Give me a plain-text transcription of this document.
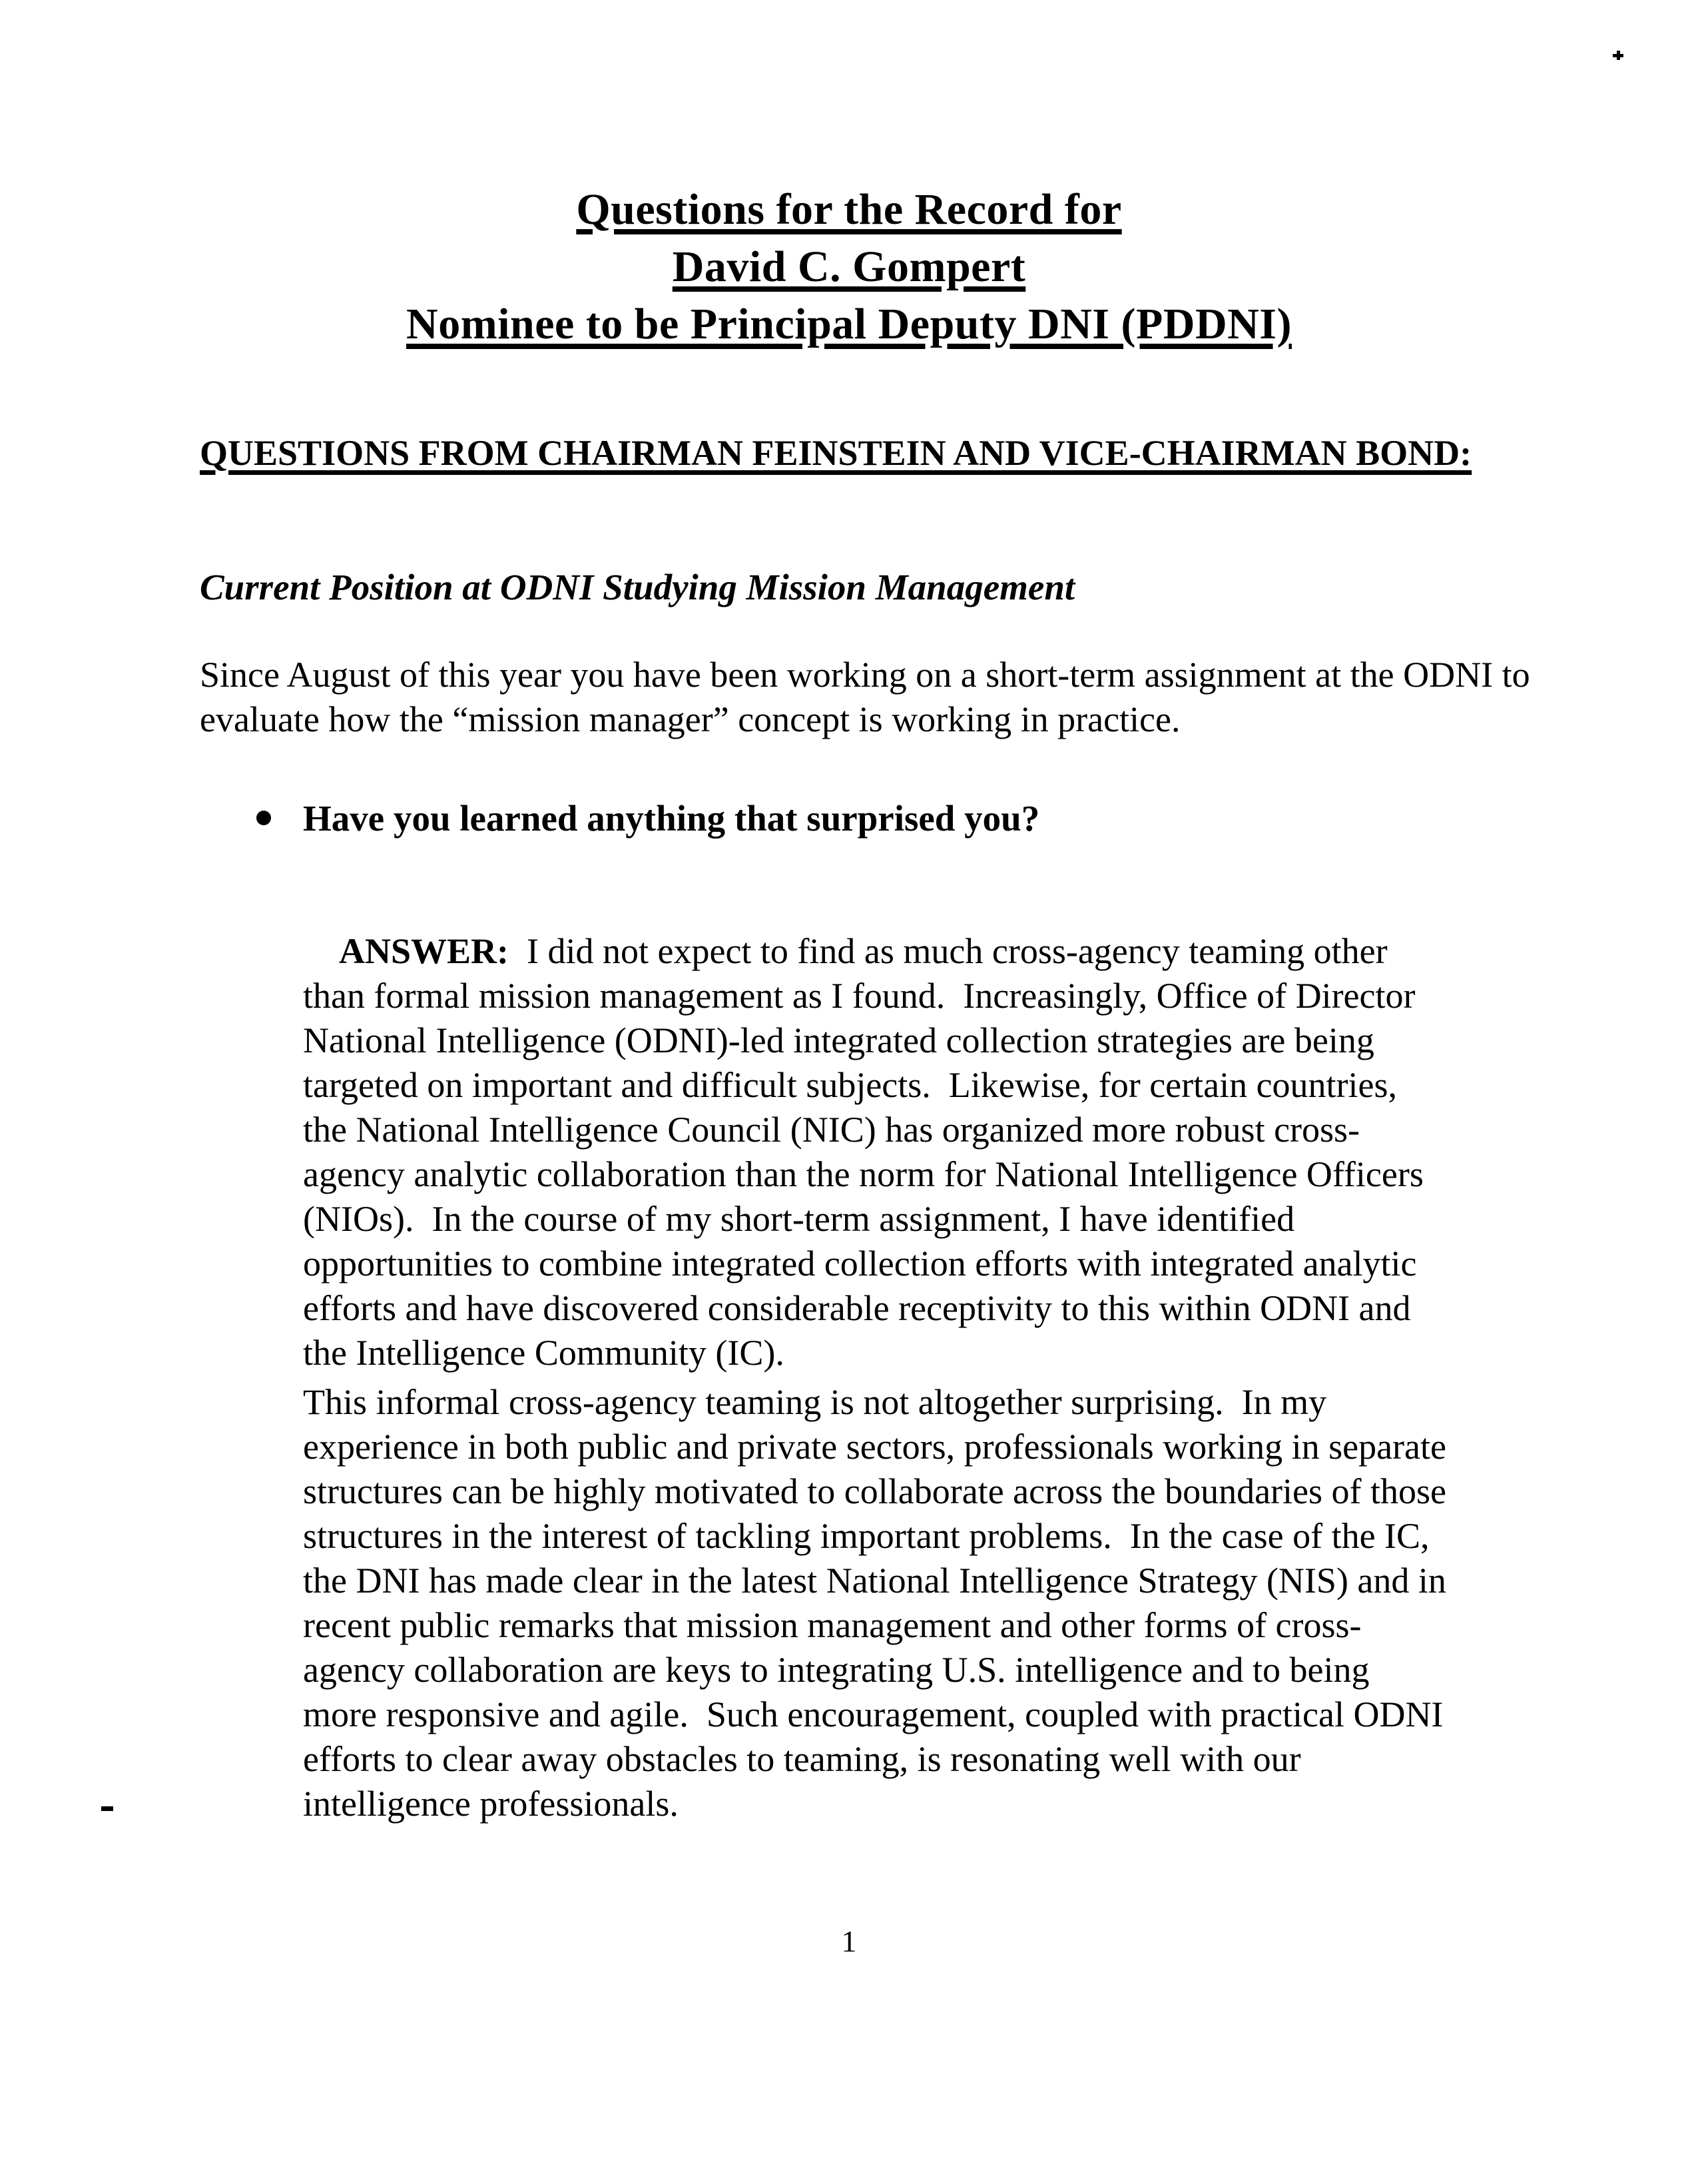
Questions for the Record for
David C. Gompert
Nominee to be Principal Deputy DNI (PDDNI)
QUESTIONS FROM CHAIRMAN FEINSTEIN AND VICE-CHAIRMAN BOND:
Current Position at ODNI Studying Mission Management
Since August of this year you have been working on a short-term assignment at the ODNI to evaluate how the “mission manager” concept is working in practice.
Have you learned anything that surprised you?

ANSWER:  I did not expect to find as much cross-agency teaming other than formal mission management as I found.  Increasingly, Office of Director National Intelligence (ODNI)-led integrated collection strategies are being targeted on important and difficult subjects.  Likewise, for certain countries, the National Intelligence Council (NIC) has organized more robust cross-agency analytic collaboration than the norm for National Intelligence Officers (NIOs).  In the course of my short-term assignment, I have identified opportunities to combine integrated collection efforts with integrated analytic efforts and have discovered considerable receptivity to this within ODNI and the Intelligence Community (IC).

This informal cross-agency teaming is not altogether surprising.  In my experience in both public and private sectors, professionals working in separate structures can be highly motivated to collaborate across the boundaries of those structures in the interest of tackling important problems.  In the case of the IC, the DNI has made clear in the latest National Intelligence Strategy (NIS) and in recent public remarks that mission management and other forms of cross-agency collaboration are keys to integrating U.S. intelligence and to being more responsive and agile.  Such encouragement, coupled with practical ODNI efforts to clear away obstacles to teaming, is resonating well with our intelligence professionals.
1
